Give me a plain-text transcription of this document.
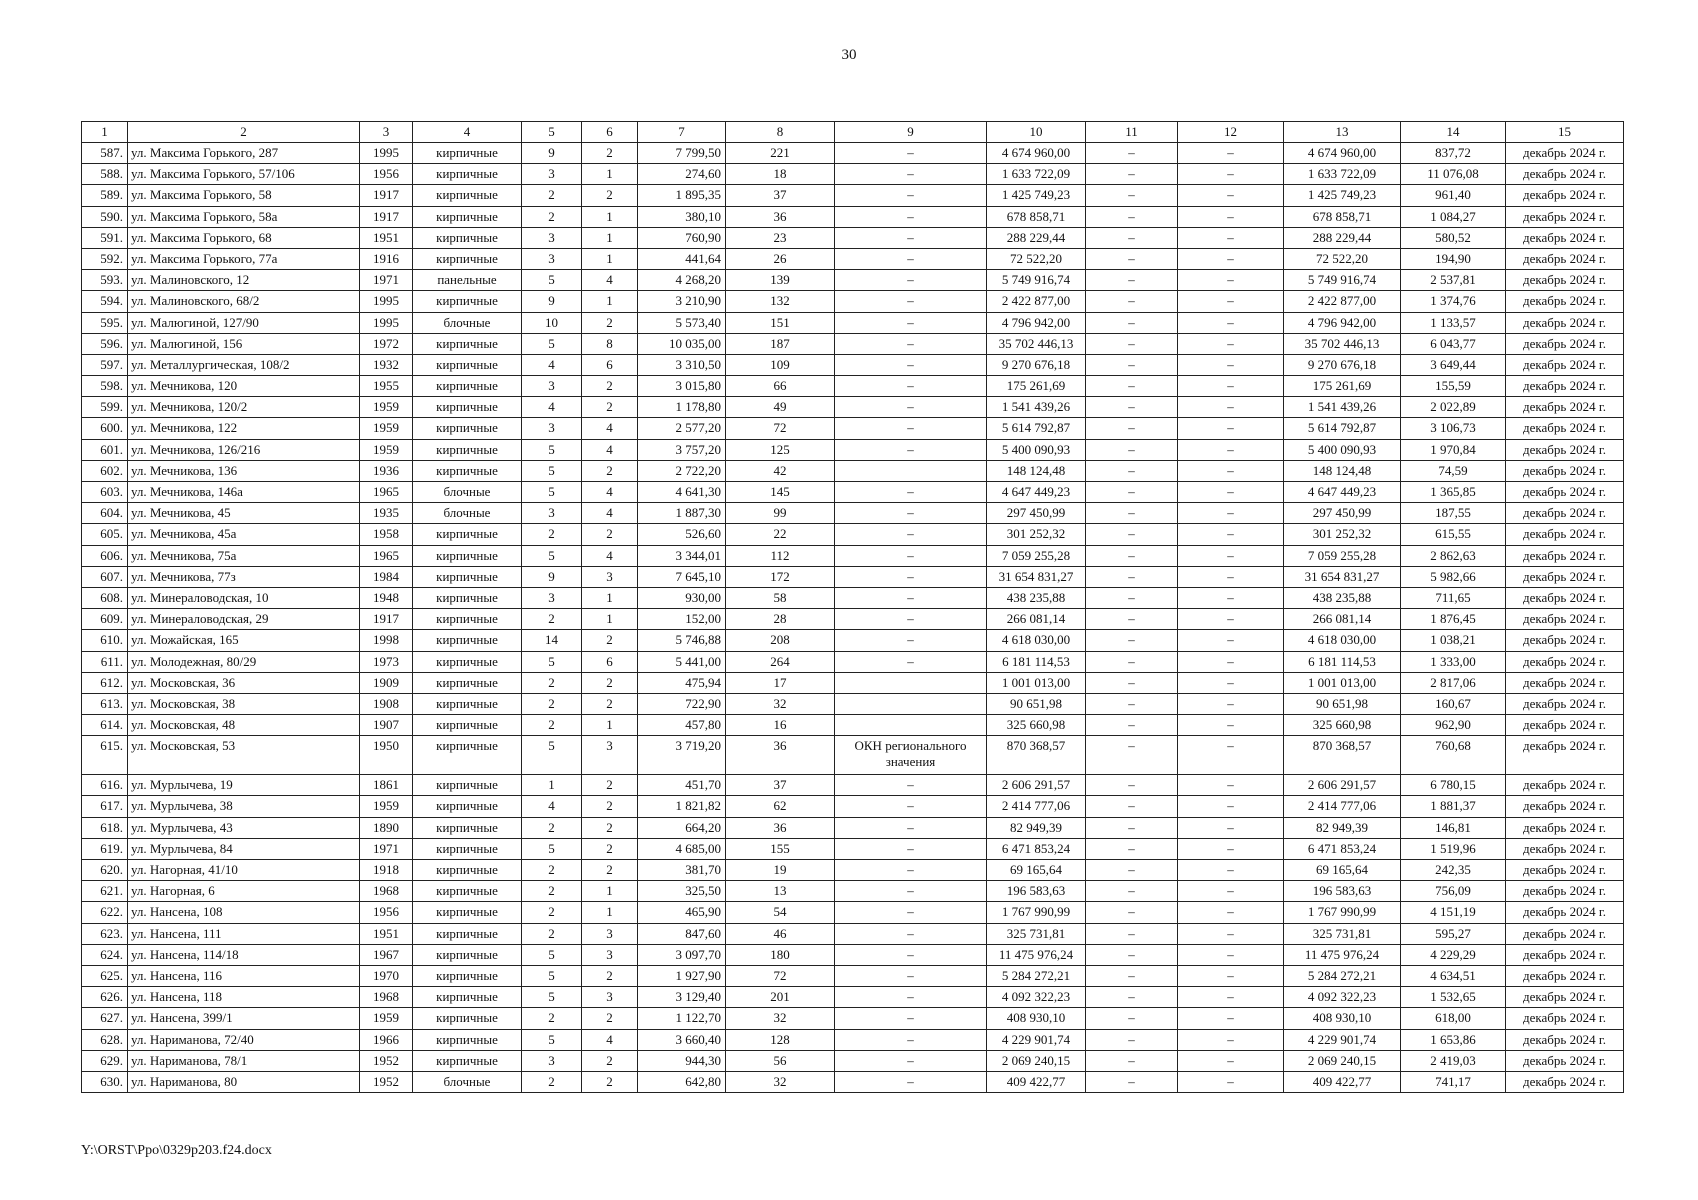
30
1	2	3	4	5	6	7	8	9	10	11	12	13	14	15
587.	ул. Максима Горького, 287	1995	кирпичные	9	2	7 799,50	221	–	4 674 960,00	–	–	4 674 960,00	837,72	декабрь 2024 г.
588.	ул. Максима Горького, 57/106	1956	кирпичные	3	1	274,60	18	–	1 633 722,09	–	–	1 633 722,09	11 076,08	декабрь 2024 г.
589.	ул. Максима Горького, 58	1917	кирпичные	2	2	1 895,35	37	–	1 425 749,23	–	–	1 425 749,23	961,40	декабрь 2024 г.
590.	ул. Максима Горького, 58а	1917	кирпичные	2	1	380,10	36	–	678 858,71	–	–	678 858,71	1 084,27	декабрь 2024 г.
591.	ул. Максима Горького, 68	1951	кирпичные	3	1	760,90	23	–	288 229,44	–	–	288 229,44	580,52	декабрь 2024 г.
592.	ул. Максима Горького, 77а	1916	кирпичные	3	1	441,64	26	–	72 522,20	–	–	72 522,20	194,90	декабрь 2024 г.
593.	ул. Малиновского, 12	1971	панельные	5	4	4 268,20	139	–	5 749 916,74	–	–	5 749 916,74	2 537,81	декабрь 2024 г.
594.	ул. Малиновского, 68/2	1995	кирпичные	9	1	3 210,90	132	–	2 422 877,00	–	–	2 422 877,00	1 374,76	декабрь 2024 г.
595.	ул. Малюгиной, 127/90	1995	блочные	10	2	5 573,40	151	–	4 796 942,00	–	–	4 796 942,00	1 133,57	декабрь 2024 г.
596.	ул. Малюгиной, 156	1972	кирпичные	5	8	10 035,00	187	–	35 702 446,13	–	–	35 702 446,13	6 043,77	декабрь 2024 г.
597.	ул. Металлургическая, 108/2	1932	кирпичные	4	6	3 310,50	109	–	9 270 676,18	–	–	9 270 676,18	3 649,44	декабрь 2024 г.
598.	ул. Мечникова, 120	1955	кирпичные	3	2	3 015,80	66	–	175 261,69	–	–	175 261,69	155,59	декабрь 2024 г.
599.	ул. Мечникова, 120/2	1959	кирпичные	4	2	1 178,80	49	–	1 541 439,26	–	–	1 541 439,26	2 022,89	декабрь 2024 г.
600.	ул. Мечникова, 122	1959	кирпичные	3	4	2 577,20	72	–	5 614 792,87	–	–	5 614 792,87	3 106,73	декабрь 2024 г.
601.	ул. Мечникова, 126/216	1959	кирпичные	5	4	3 757,20	125	–	5 400 090,93	–	–	5 400 090,93	1 970,84	декабрь 2024 г.
602.	ул. Мечникова, 136	1936	кирпичные	5	2	2 722,20	42		148 124,48	–	–	148 124,48	74,59	декабрь 2024 г.
603.	ул. Мечникова, 146а	1965	блочные	5	4	4 641,30	145	–	4 647 449,23	–	–	4 647 449,23	1 365,85	декабрь 2024 г.
604.	ул. Мечникова, 45	1935	блочные	3	4	1 887,30	99	–	297 450,99	–	–	297 450,99	187,55	декабрь 2024 г.
605.	ул. Мечникова, 45а	1958	кирпичные	2	2	526,60	22	–	301 252,32	–	–	301 252,32	615,55	декабрь 2024 г.
606.	ул. Мечникова, 75а	1965	кирпичные	5	4	3 344,01	112	–	7 059 255,28	–	–	7 059 255,28	2 862,63	декабрь 2024 г.
607.	ул. Мечникова, 77з	1984	кирпичные	9	3	7 645,10	172	–	31 654 831,27	–	–	31 654 831,27	5 982,66	декабрь 2024 г.
608.	ул. Минераловодская, 10	1948	кирпичные	3	1	930,00	58	–	438 235,88	–	–	438 235,88	711,65	декабрь 2024 г.
609.	ул. Минераловодская, 29	1917	кирпичные	2	1	152,00	28	–	266 081,14	–	–	266 081,14	1 876,45	декабрь 2024 г.
610.	ул. Можайская, 165	1998	кирпичные	14	2	5 746,88	208	–	4 618 030,00	–	–	4 618 030,00	1 038,21	декабрь 2024 г.
611.	ул. Молодежная, 80/29	1973	кирпичные	5	6	5 441,00	264	–	6 181 114,53	–	–	6 181 114,53	1 333,00	декабрь 2024 г.
612.	ул. Московская, 36	1909	кирпичные	2	2	475,94	17		1 001 013,00	–	–	1 001 013,00	2 817,06	декабрь 2024 г.
613.	ул. Московская, 38	1908	кирпичные	2	2	722,90	32		90 651,98	–	–	90 651,98	160,67	декабрь 2024 г.
614.	ул. Московская, 48	1907	кирпичные	2	1	457,80	16		325 660,98	–	–	325 660,98	962,90	декабрь 2024 г.
615.	ул. Московская, 53	1950	кирпичные	5	3	3 719,20	36	ОКН регионального значения	870 368,57	–	–	870 368,57	760,68	декабрь 2024 г.
616.	ул. Мурлычева, 19	1861	кирпичные	1	2	451,70	37	–	2 606 291,57	–	–	2 606 291,57	6 780,15	декабрь 2024 г.
617.	ул. Мурлычева, 38	1959	кирпичные	4	2	1 821,82	62	–	2 414 777,06	–	–	2 414 777,06	1 881,37	декабрь 2024 г.
618.	ул. Мурлычева, 43	1890	кирпичные	2	2	664,20	36	–	82 949,39	–	–	82 949,39	146,81	декабрь 2024 г.
619.	ул. Мурлычева, 84	1971	кирпичные	5	2	4 685,00	155	–	6 471 853,24	–	–	6 471 853,24	1 519,96	декабрь 2024 г.
620.	ул. Нагорная, 41/10	1918	кирпичные	2	2	381,70	19	–	69 165,64	–	–	69 165,64	242,35	декабрь 2024 г.
621.	ул. Нагорная, 6	1968	кирпичные	2	1	325,50	13	–	196 583,63	–	–	196 583,63	756,09	декабрь 2024 г.
622.	ул. Нансена, 108	1956	кирпичные	2	1	465,90	54	–	1 767 990,99	–	–	1 767 990,99	4 151,19	декабрь 2024 г.
623.	ул. Нансена, 111	1951	кирпичные	2	3	847,60	46	–	325 731,81	–	–	325 731,81	595,27	декабрь 2024 г.
624.	ул. Нансена, 114/18	1967	кирпичные	5	3	3 097,70	180	–	11 475 976,24	–	–	11 475 976,24	4 229,29	декабрь 2024 г.
625.	ул. Нансена, 116	1970	кирпичные	5	2	1 927,90	72	–	5 284 272,21	–	–	5 284 272,21	4 634,51	декабрь 2024 г.
626.	ул. Нансена, 118	1968	кирпичные	5	3	3 129,40	201	–	4 092 322,23	–	–	4 092 322,23	1 532,65	декабрь 2024 г.
627.	ул. Нансена, 399/1	1959	кирпичные	2	2	1 122,70	32	–	408 930,10	–	–	408 930,10	618,00	декабрь 2024 г.
628.	ул. Нариманова, 72/40	1966	кирпичные	5	4	3 660,40	128	–	4 229 901,74	–	–	4 229 901,74	1 653,86	декабрь 2024 г.
629.	ул. Нариманова, 78/1	1952	кирпичные	3	2	944,30	56	–	2 069 240,15	–	–	2 069 240,15	2 419,03	декабрь 2024 г.
630.	ул. Нариманова, 80	1952	блочные	2	2	642,80	32	–	409 422,77	–	–	409 422,77	741,17	декабрь 2024 г.
Y:\ORST\Ppo\0329p203.f24.docx
